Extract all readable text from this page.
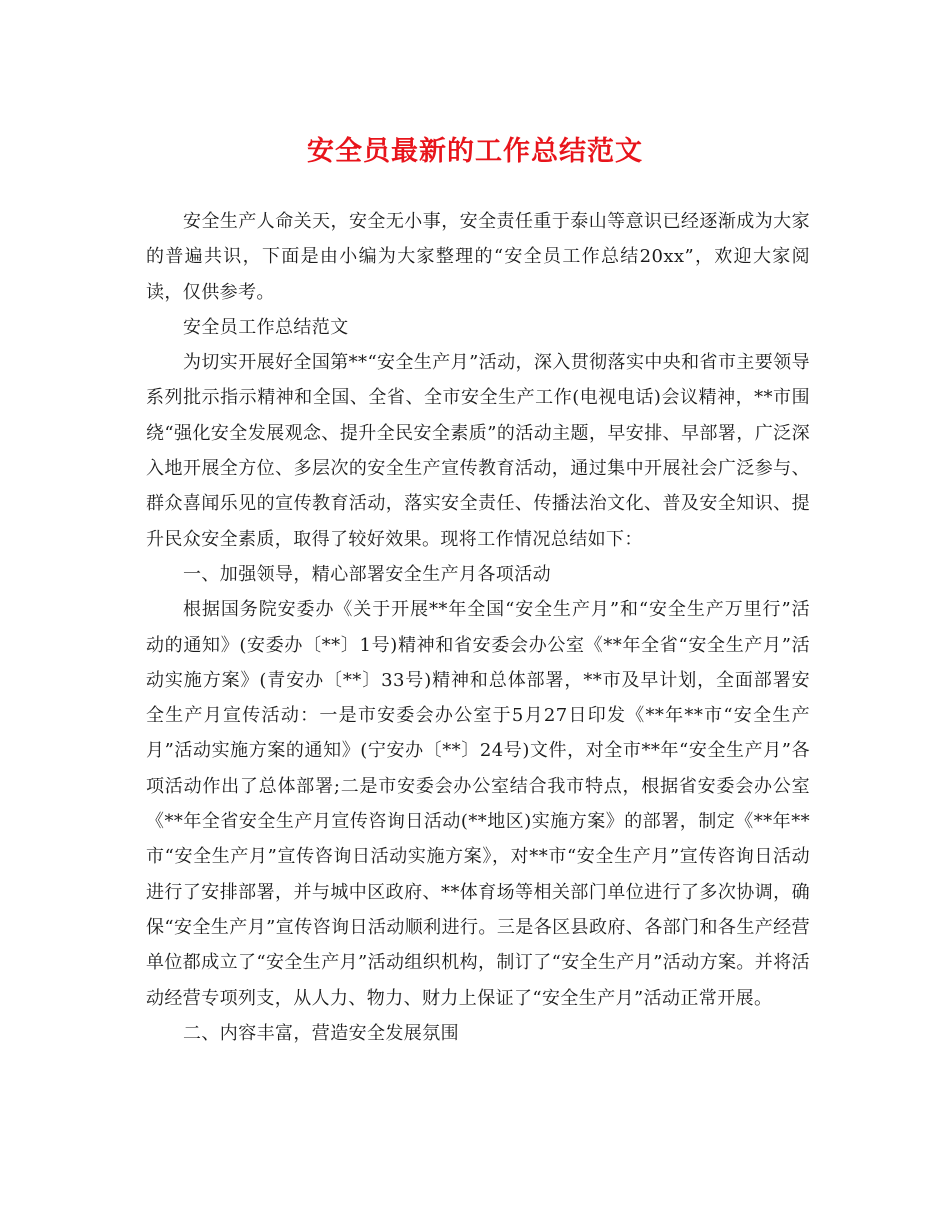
安全员最新的工作总结范文

安全生产人命关天，安全无小事，安全责任重于泰山等意识已经逐渐成为大家的普遍共识，下面是由小编为大家整理的“安全员工作总结20xx”，欢迎大家阅读，仅供参考。

安全员工作总结范文

为切实开展好全国第**“安全生产月”活动，深入贯彻落实中央和省市主要领导系列批示指示精神和全国、全省、全市安全生产工作(电视电话)会议精神，**市围绕“强化安全发展观念、提升全民安全素质”的活动主题，早安排、早部署，广泛深入地开展全方位、多层次的安全生产宣传教育活动，通过集中开展社会广泛参与、群众喜闻乐见的宣传教育活动，落实安全责任、传播法治文化、普及安全知识、提升民众安全素质，取得了较好效果。现将工作情况总结如下：

一、加强领导，精心部署安全生产月各项活动

根据国务院安委办《关于开展**年全国“安全生产月”和“安全生产万里行”活动的通知》(安委办〔**〕1号)精神和省安委会办公室《**年全省“安全生产月”活动实施方案》(青安办〔**〕33号)精神和总体部署，**市及早计划，全面部署安全生产月宣传活动：一是市安委会办公室于5月27日印发《**年**市“安全生产月”活动实施方案的通知》(宁安办〔**〕24号)文件，对全市**年“安全生产月”各项活动作出了总体部署;二是市安委会办公室结合我市特点，根据省安委会办公室《**年全省安全生产月宣传咨询日活动(**地区)实施方案》的部署，制定《**年**市“安全生产月”宣传咨询日活动实施方案》，对**市“安全生产月”宣传咨询日活动进行了安排部署，并与城中区政府、**体育场等相关部门单位进行了多次协调，确保“安全生产月”宣传咨询日活动顺利进行。三是各区县政府、各部门和各生产经营单位都成立了“安全生产月”活动组织机构，制订了“安全生产月”活动方案。并将活动经营专项列支，从人力、物力、财力上保证了“安全生产月”活动正常开展。

二、内容丰富，营造安全发展氛围
